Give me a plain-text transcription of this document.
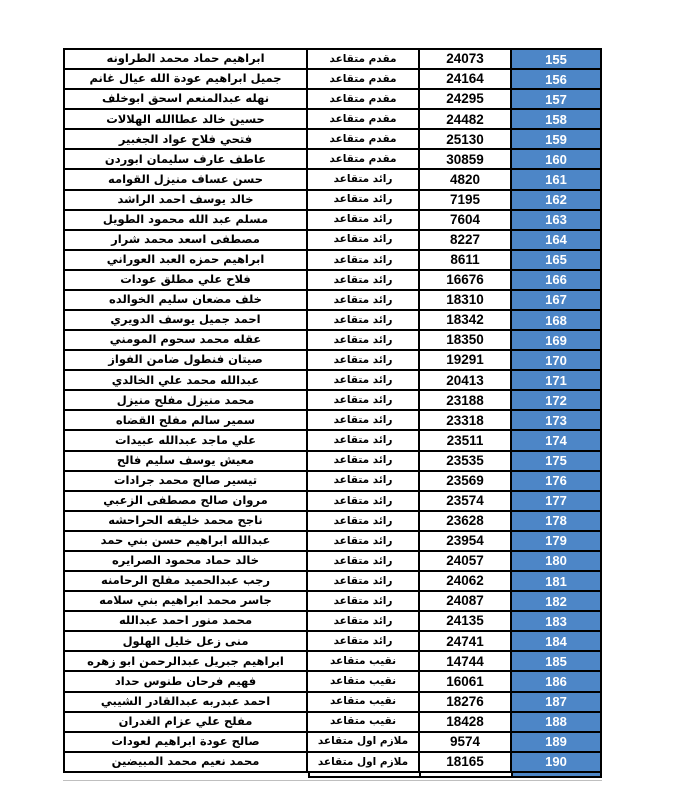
ابراهيم حماد محمد الطراونه	مقدم متقاعد	24073	155
جميل ابراهيم عودة الله عيال غانم	مقدم متقاعد	24164	156
نهله عبدالمنعم اسحق ابوخلف	مقدم متقاعد	24295	157
حسين خالد عطاالله الهلالات	مقدم متقاعد	24482	158
فتحي فلاح عواد الجغبير	مقدم متقاعد	25130	159
عاطف عارف سليمان ابوردن	مقدم متقاعد	30859	160
حسن عساف منيزل القوامه	رائد متقاعد	4820	161
خالد يوسف احمد الراشد	رائد متقاعد	7195	162
مسلم عبد الله محمود الطويل	رائد متقاعد	7604	163
مصطفى اسعد محمد شرار	رائد متقاعد	8227	164
ابراهيم حمزه العبد العوراني	رائد متقاعد	8611	165
فلاح علي مطلق عودات	رائد متقاعد	16676	166
خلف مضعان سليم الخوالده	رائد متقاعد	18310	167
احمد جميل يوسف الدويري	رائد متقاعد	18342	168
عقله محمد سحوم المومني	رائد متقاعد	18350	169
صيتان فنطول ضامن الفواز	رائد متقاعد	19291	170
عبدالله محمد علي الخالدي	رائد متقاعد	20413	171
محمد منيزل مفلح منيزل	رائد متقاعد	23188	172
سمير سالم مفلح القضاه	رائد متقاعد	23318	173
علي ماجد عبدالله عبيدات	رائد متقاعد	23511	174
معيش يوسف سليم فالح	رائد متقاعد	23535	175
تيسير صالح محمد جرادات	رائد متقاعد	23569	176
مروان صالح مصطفى الزعبي	رائد متقاعد	23574	177
ناجح محمد خليفه الحراحشه	رائد متقاعد	23628	178
عبدالله ابراهيم حسن بني حمد	رائد متقاعد	23954	179
خالد حماد محمود الصرايره	رائد متقاعد	24057	180
رجب عبدالحميد مفلح الرحامنه	رائد متقاعد	24062	181
جاسر محمد ابراهيم بني سلامه	رائد متقاعد	24087	182
محمد منور احمد عبدالله	رائد متقاعد	24135	183
منى زعل خليل الهلول	رائد متقاعد	24741	184
ابراهيم جبريل عبدالرحمن ابو زهره	نقيب متقاعد	14744	185
فهيم فرحان طنوس حداد	نقيب متقاعد	16061	186
احمد عبدربه عبدالقادر الشيبي	نقيب متقاعد	18276	187
مفلح علي عزام الغدران	نقيب متقاعد	18428	188
صالح عودة ابراهيم لعودات	ملازم اول متقاعد	9574	189
محمد نعيم محمد المبيضين	ملازم اول متقاعد	18165	190
